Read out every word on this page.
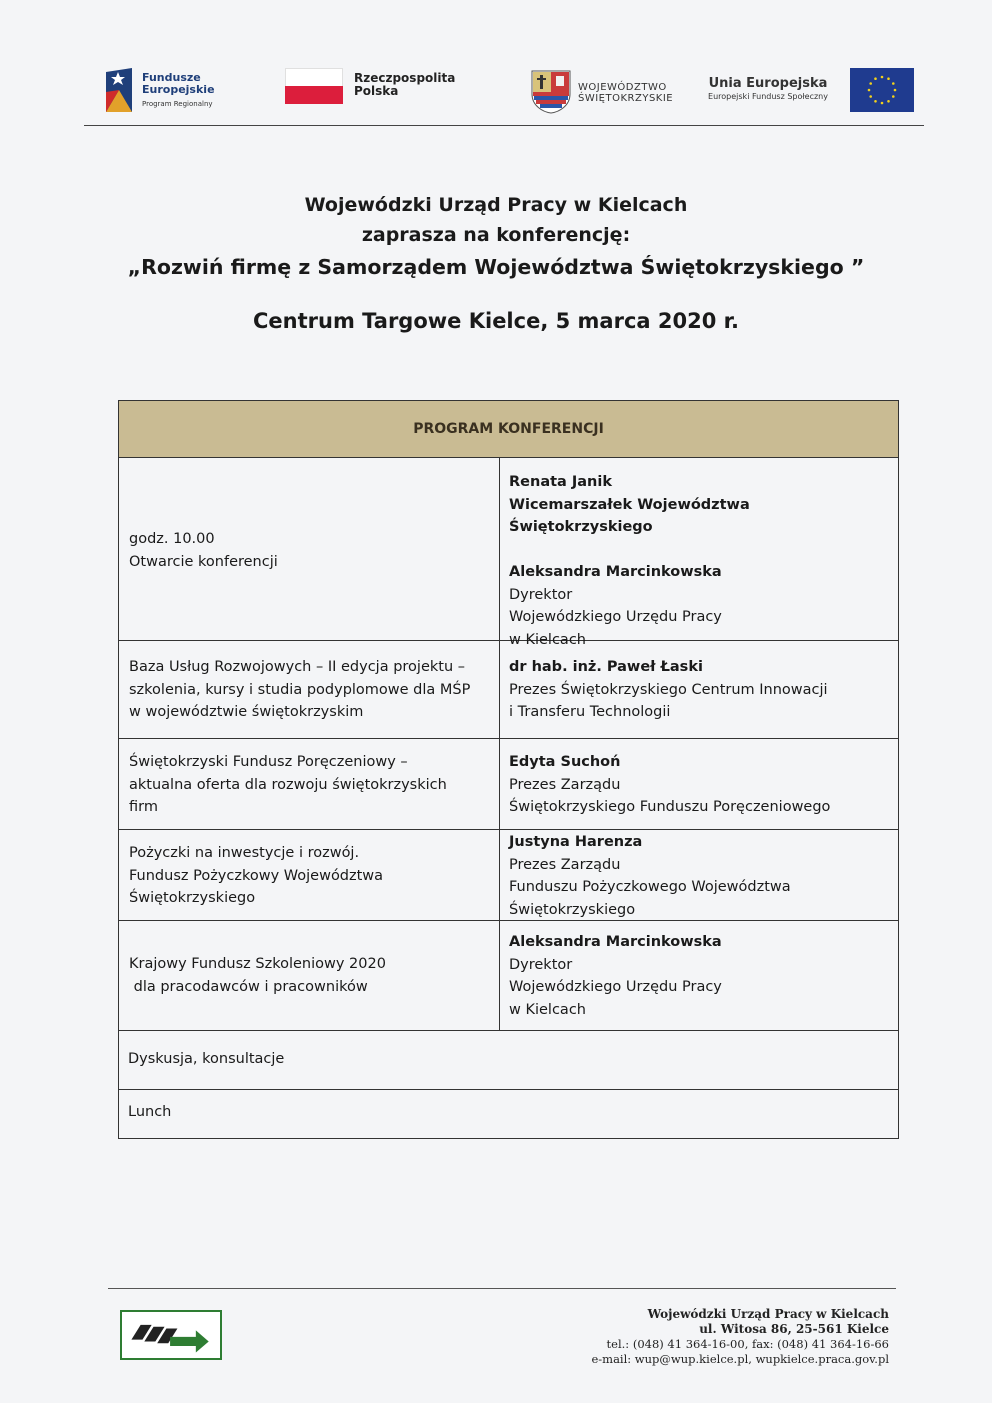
Fundusze
Europejskie
Program Regionalny
Rzeczpospolita
Polska	WOJEWÓDZTWO
ŚWIĘTOKRZYSKIE
Unia Europejska
Europejski Fundusz Społeczny
Wojewódzki Urząd Pracy w Kielcach
zaprasza na konferencję:
„Rozwiń firmę z Samorządem Województwa Świętokrzyskiego ”
Centrum Targowe Kielce, 5 marca 2020 r.
PROGRAM KONFERENCJI
godz. 10.00
Otwarcie konferencji
Renata Janik
Wicemarszałek Województwa Świętokrzyskiego

Aleksandra Marcinkowska
Dyrektor
Wojewódzkiego Urzędu Pracy
w Kielcach
Baza Usług Rozwojowych – II edycja projektu –
szkolenia, kursy i studia podyplomowe dla MŚP
w województwie świętokrzyskim
dr hab. inż. Paweł Łaski
Prezes Świętokrzyskiego Centrum Innowacji
i Transferu Technologii
Świętokrzyski Fundusz Poręczeniowy –
aktualna oferta dla rozwoju świętokrzyskich
firm
Edyta Suchoń
Prezes Zarządu
Świętokrzyskiego Funduszu Poręczeniowego
Pożyczki na inwestycje i rozwój.
Fundusz Pożyczkowy Województwa
Świętokrzyskiego
Justyna Harenza
Prezes Zarządu
Funduszu Pożyczkowego Województwa
Świętokrzyskiego
Krajowy Fundusz Szkoleniowy 2020
dla pracodawców i pracowników
Aleksandra Marcinkowska
Dyrektor
Wojewódzkiego Urzędu Pracy
w Kielcach
Dyskusja, konsultacje
Lunch
Wojewódzki Urząd Pracy w Kielcach
ul. Witosa 86, 25-561 Kielce
tel.: (048) 41 364-16-00, fax: (048) 41 364-16-66
e-mail: wup@wup.kielce.pl, wupkielce.praca.gov.pl
